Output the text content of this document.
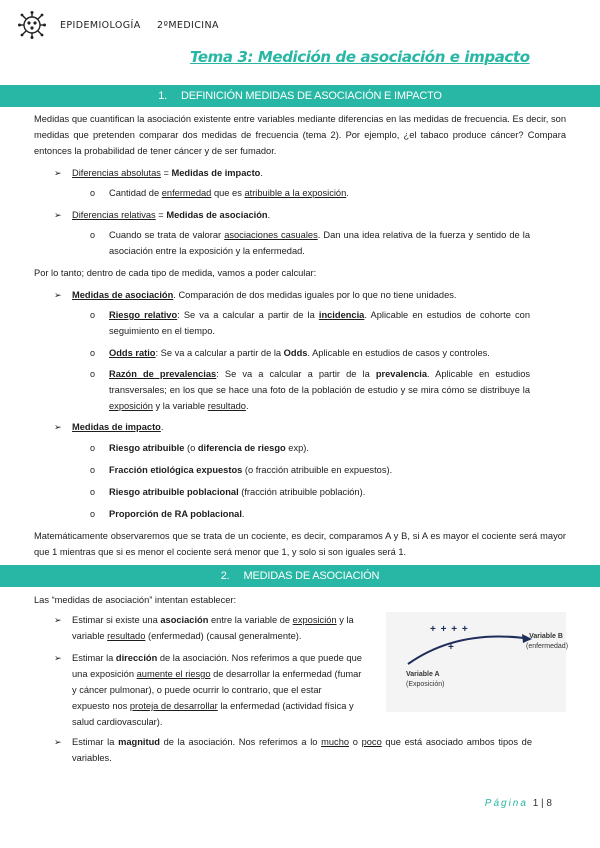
EPIDEMIOLOGÍA 2ºMEDICINA
Tema 3: Medición de asociación e impacto
1. DEFINICIÓN MEDIDAS DE ASOCIACIÓN E IMPACTO

Medidas que cuantifican la asociación existente entre variables mediante diferencias en las medidas de frecuencia. Es decir, son medidas que pretenden comparar dos medidas de frecuencia (tema 2). Por ejemplo, ¿el tabaco produce cáncer? Compara entonces la probabilidad de tener cáncer y de ser fumador.

➢ Diferencias absolutas = Medidas de impacto.
o Cantidad de enfermedad que es atribuible a la exposición.
➢ Diferencias relativas = Medidas de asociación.
o Cuando se trata de valorar asociaciones casuales. Dan una idea relativa de la fuerza y sentido de la asociación entre la exposición y la enfermedad.

Por lo tanto; dentro de cada tipo de medida, vamos a poder calcular:

➢ Medidas de asociación. Comparación de dos medidas iguales por lo que no tiene unidades.
o Riesgo relativo: Se va a calcular a partir de la incidencia. Aplicable en estudios de cohorte con seguimiento en el tiempo.
o Odds ratio: Se va a calcular a partir de la Odds. Aplicable en estudios de casos y controles.
o Razón de prevalencias: Se va a calcular a partir de la prevalencia. Aplicable en estudios transversales; en los que se hace una foto de la población de estudio y se mira cómo se distribuye la exposición y la variable resultado.
➢ Medidas de impacto.
o Riesgo atribuible (o diferencia de riesgo exp).
o Fracción etiológica expuestos (o fracción atribuible en expuestos).
o Riesgo atribuible poblacional (fracción atribuible población).
o Proporción de RA poblacional.

Matemáticamente observaremos que se trata de un cociente, es decir, comparamos A y B, si A es mayor el cociente será mayor que 1 mientras que si es menor el cociente será menor que 1, y solo si son iguales será 1.

2. MEDIDAS DE ASOCIACIÓN

Las “medidas de asociación” intentan establecer:

➢ Estimar si existe una asociación entre la variable de exposición y la
variable resultado (enfermedad) (causal generalmente).
➢ Estimar la dirección de la asociación. Nos referimos a que puede que
una exposición aumente el riesgo de desarrollar la enfermedad (fumar
y cáncer pulmonar), o puede ocurrir lo contrario, que el estar
expuesto nos proteja de desarrollar la enfermedad (actividad física y
salud cardiovascular).
+ + + +
+
Variable B
(enfermedad)
Variable A
(Exposición)
➢ Estimar la magnitud de la asociación. Nos referimos a lo mucho o poco que está asociado ambos tipos de variables.
Página 1 | 8
